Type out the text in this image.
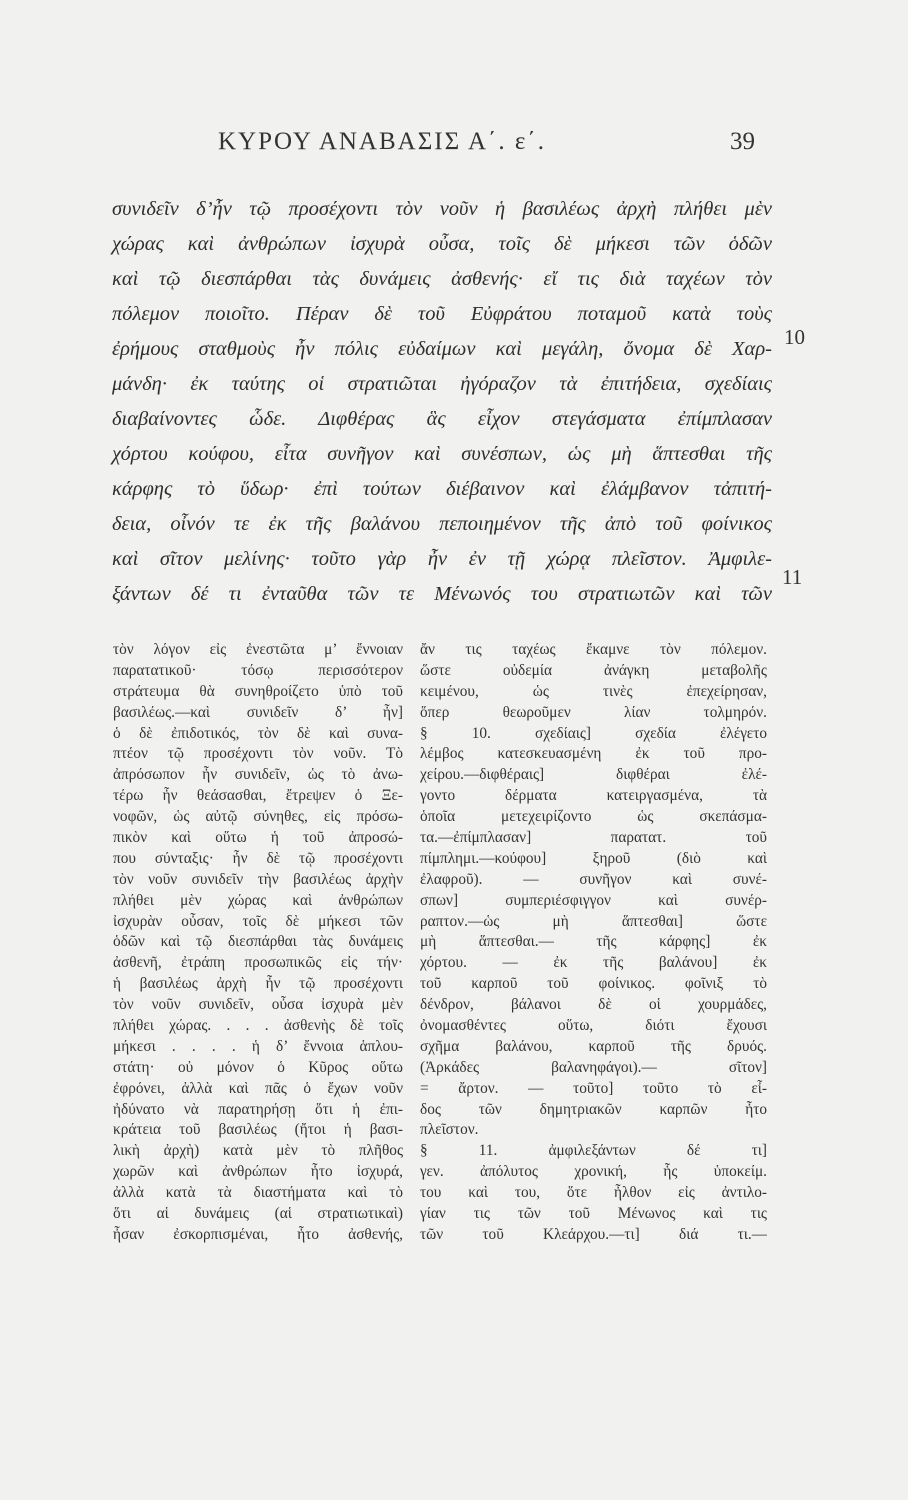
ΚΥΡΟΥ ΑΝΑΒΑΣΙΣ Α΄. ε΄.	39
συνιδεῖν δ’ἦν τῷ προσέχοντι τὸν νοῦν ἡ βασιλέως ἀρχὴ πλήθει μὲν
χώρας καὶ ἀνθρώπων ἰσχυρὰ οὖσα, τοῖς δὲ μήκεσι τῶν ὁδῶν
καὶ τῷ διεσπάρθαι τὰς δυνάμεις ἀσθενής· εἴ τις διὰ ταχέων τὸν
πόλεμον ποιοῖτο. Πέραν δὲ τοῦ Εὐφράτου ποταμοῦ κατὰ τοὺς
ἐρήμους σταθμοὺς ἦν πόλις εὐδαίμων καὶ μεγάλη, ὄνομα δὲ Χαρ-
μάνδη· ἐκ ταύτης οἱ στρατιῶται ἠγόραζον τὰ ἐπιτήδεια, σχεδίαις
διαβαίνοντες ὧδε. Διφθέρας ἃς εἶχον στεγάσματα ἐπίμπλασαν
χόρτου κούφου, εἶτα συνῆγον καὶ συνέσπων, ὡς μὴ ἅπτεσθαι τῆς
κάρφης τὸ ὕδωρ· ἐπὶ τούτων διέβαινον καὶ ἐλάμβανον τἀπιτή-
δεια, οἶνόν τε ἐκ τῆς βαλάνου πεποιημένον τῆς ἀπὸ τοῦ φοίνικος
καὶ σῖτον μελίνης· τοῦτο γὰρ ἦν ἐν τῇ χώρᾳ πλεῖστον. Ἀμφιλε-
ξάντων δέ τι ἐνταῦθα τῶν τε Μένωνός του στρατιωτῶν καὶ τῶν
10
11
τὸν λόγον εἰς ἐνεστῶτα μ’ ἔννοιαν
παρατατικοῦ· τόσῳ περισσότερον
στράτευμα θὰ συνηθροίζετο ὑπὸ τοῦ
βασιλέως.—καὶ συνιδεῖν δ’ ἦν]
ὁ δὲ ἐπιδοτικός, τὸν δὲ καὶ συνα-
πτέον τῷ προσέχοντι τὸν νοῦν. Τὸ
ἀπρόσωπον ἦν συνιδεῖν, ὡς τὸ ἀνω-
τέρω ἦν θεάσασθαι, ἔτρεψεν ὁ Ξε-
νοφῶν, ὡς αὐτῷ σύνηθες, εἰς πρόσω-
πικὸν καὶ οὕτω ἡ τοῦ ἀπροσώ-
που σύνταξις· ἦν δὲ τῷ προσέχοντι
τὸν νοῦν συνιδεῖν τὴν βασιλέως ἀρχὴν
πλήθει μὲν χώρας καὶ ἀνθρώπων
ἰσχυρὰν οὖσαν, τοῖς δὲ μήκεσι τῶν
ὁδῶν καὶ τῷ διεσπάρθαι τὰς δυνάμεις
ἀσθενῆ, ἐτράπη προσωπικῶς εἰς τήν·
ἡ βασιλέως ἀρχὴ ἦν τῷ προσέχοντι
τὸν νοῦν συνιδεῖν, οὖσα ἰσχυρὰ μὲν
πλήθει χώρας. . . . ἀσθενὴς δὲ τοῖς
μήκεσι . . . . ἡ δ’ ἔννοια ἁπλου-
στάτη· οὐ μόνον ὁ Κῦρος οὕτω
ἐφρόνει, ἀλλὰ καὶ πᾶς ὁ ἔχων νοῦν
ἠδύνατο νὰ παρατηρήσῃ ὅτι ἡ ἐπι-
κράτεια τοῦ βασιλέως (ἤτοι ἡ βασι-
λικὴ ἀρχὴ) κατὰ μὲν τὸ πλῆθος
χωρῶν καὶ ἀνθρώπων ἦτο ἰσχυρά,
ἀλλὰ κατὰ τὰ διαστήματα καὶ τὸ
ὅτι αἱ δυνάμεις (αἱ στρατιωτικαὶ)
ἦσαν ἐσκορπισμέναι, ἦτο ἀσθενής,
ἄν τις ταχέως ἔκαμνε τὸν πόλεμον.
ὥστε οὐδεμία ἀνάγκη μεταβολῆς
κειμένου, ὡς τινὲς ἐπεχείρησαν,
ὅπερ θεωροῦμεν λίαν τολμηρόν.
§ 10. σχεδίαις] σχεδία ἐλέγετο
λέμβος κατεσκευασμένη ἐκ τοῦ προ-
χείρου.—διφθέραις] διφθέραι ἐλέ-
γοντο δέρματα κατειργασμένα, τὰ
ὁποῖα μετεχειρίζοντο ὡς σκεπάσμα-
τα.—ἐπίμπλασαν] παρατατ. τοῦ
πίμπλημι.—κούφου] ξηροῦ (διὸ καὶ
ἐλαφροῦ). — συνῆγον καὶ συνέ-
σπων] συμπεριέσφιγγον καὶ συνέρ-
ραπτον.—ὡς μὴ ἅπτεσθαι] ὥστε
μὴ ἅπτεσθαι.— τῆς κάρφης] ἐκ
χόρτου. — ἐκ τῆς βαλάνου] ἐκ
τοῦ καρποῦ τοῦ φοίνικος. φοῖνιξ τὸ
δένδρον, βάλανοι δὲ οἱ χουρμάδες,
ὀνομασθέντες οὕτω, διότι ἔχουσι
σχῆμα βαλάνου, καρποῦ τῆς δρυός.
(Ἀρκάδες βαλανηφάγοι).— σῖτον]
= ἄρτον. — τοῦτο] τοῦτο τὸ εἶ-
δος τῶν δημητριακῶν καρπῶν ἦτο
πλεῖστον.
§ 11. ἀμφιλεξάντων δέ τι]
γεν. ἀπόλυτος χρονική, ἧς ὑποκείμ.
του καὶ του, ὅτε ἦλθον εἰς ἀντιλο-
γίαν τις τῶν τοῦ Μένωνος καὶ τις
τῶν τοῦ Κλεάρχου.—τι] διά τι.—
